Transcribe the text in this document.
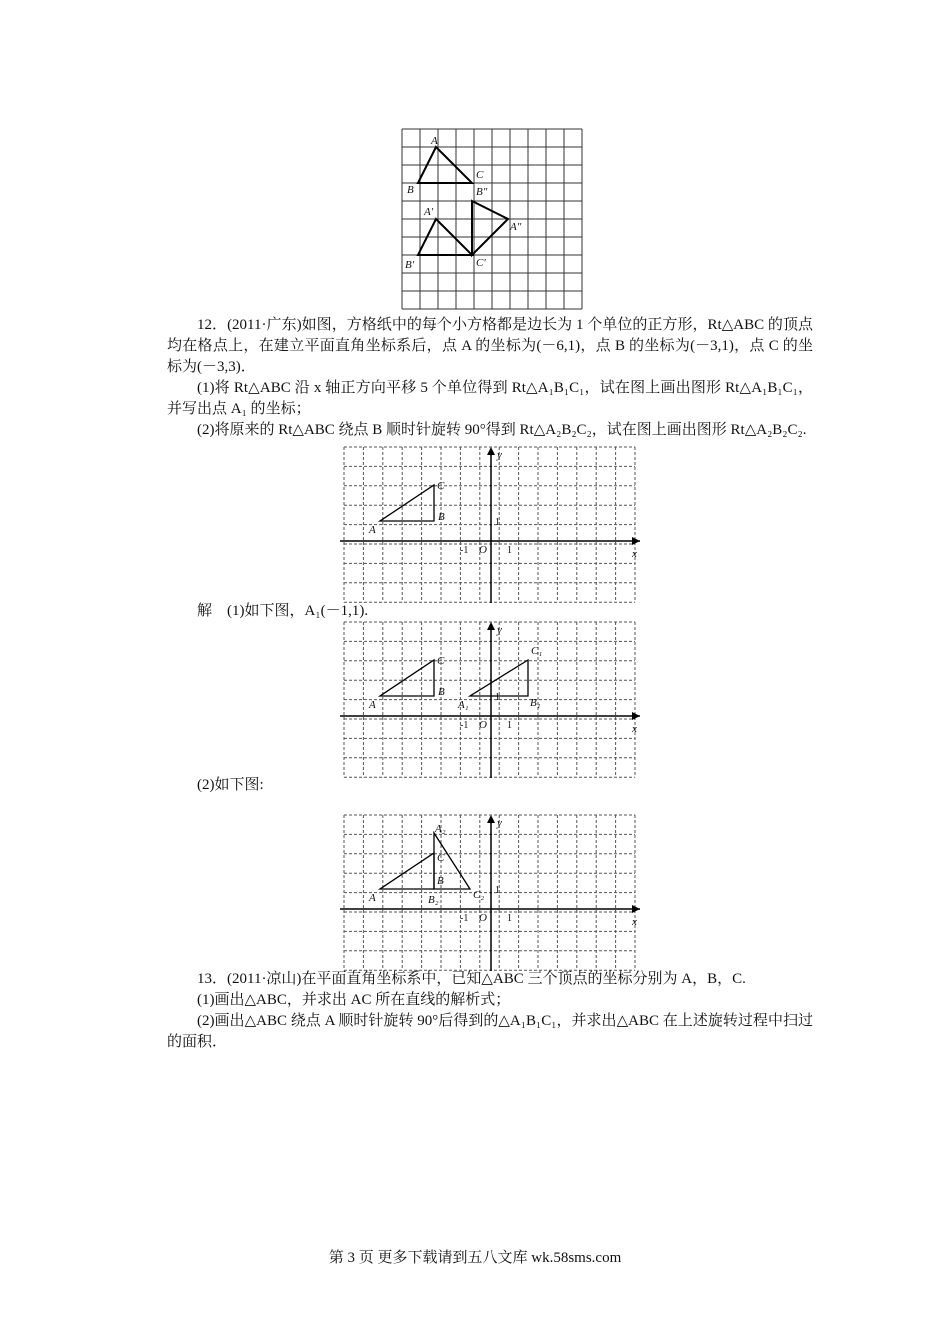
A
B
C
B″
A′
A″
B′	C′

12．(2011·广东)如图，方格纸中的每个小方格都是边长为 1 个单位的正方形，Rt△ABC 的顶点均在格点上，在建立平面直角坐标系后，点 A 的坐标为(－6,1)，点 B 的坐标为(－3,1)，点 C 的坐标为(－3,3)．

(1)将 Rt△ABC 沿 x 轴正方向平移 5 个单位得到 Rt△A₁B₁C₁，试在图上画出图形 Rt△A₁B₁C₁，并写出点 A₁ 的坐标；

(2)将原来的 Rt△ABC 绕点 B 顺时针旋转 90°得到 Rt△A₂B₂C₂，试在图上画出图形 Rt△A₂B₂C₂.

x
y
O
-1	1
1
A
B
C

解　 (1)如下图，A₁(－1,1).

x
y
O
-1	1
1
A
B
C
A₁	B₁
C₁

(2)如下图:

x
y
O
-1	1
1
A
C
B
A₂
B₂	C₂

13．(2011·凉山)在平面直角坐标系中，已知△ABC 三个顶点的坐标分别为 A，B，C.

(1)画出△ABC，并求出 AC 所在直线的解析式；

(2)画出△ABC 绕点 A 顺时针旋转 90°后得到的△A₁B₁C₁，并求出△ABC 在上述旋转过程中扫过的面积．

第 3 页 更多下载请到五八文库 wk.58sms.com
